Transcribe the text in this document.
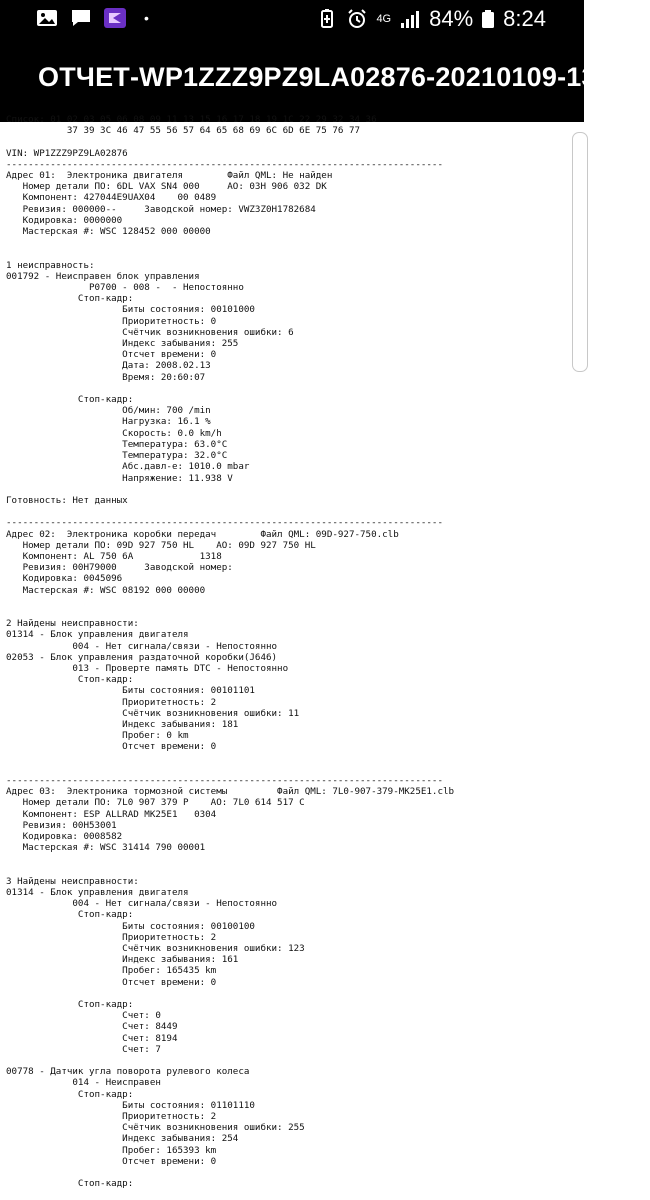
•	4G 84% 8:24
ОТЧЕТ-WP1ZZZ9PZ9LA02876-20210109-1326...
Список: 01 02 03 05 06 08 09 11 13 15 16 17 18 19 1C 22 29 32 34 36
37 39 3C 46 47 55 56 57 64 65 68 69 6C 6D 6E 75 76 77

VIN: WP1ZZZ9PZ9LA02876
-------------------------------------------------------------------------------
Адрес 01:  Электроника двигателя        Файл QML: Не найден
Номер детали ПО: 6DL VAX SN4 000     AO: 03H 906 032 DK
Компонент: 427044E9UAX04    00 0489
Ревизия: 000000--     Заводской номер: VWZ3Z0H1782684
Кодировка: 0000000
Мастерская #: WSC 128452 000 00000

1 неисправность:
001792 - Неисправен блок управления
P0700 - 008 -  - Непостоянно
Стоп-кадр:
Биты состояния: 00101000
Приоритетность: 0
Счётчик возникновения ошибки: 6
Индекс забывания: 255
Отсчет времени: 0
Дата: 2008.02.13
Время: 20:60:07

Стоп-кадр:
Об/мин: 700 /min
Нагрузка: 16.1 %
Скорость: 0.0 km/h
Температура: 63.0°C
Температура: 32.0°C
Абс.давл-е: 1010.0 mbar
Напряжение: 11.938 V

Готовность: Нет данных

-------------------------------------------------------------------------------
Адрес 02:  Электроника коробки передач        Файл QML: 09D-927-750.clb
Номер детали ПО: 09D 927 750 HL    AO: 09D 927 750 HL
Компонент: AL 750 6A            1318
Ревизия: 00H79000     Заводской номер:
Кодировка: 0045096
Мастерская #: WSC 08192 000 00000

2 Найдены неисправности:
01314 - Блок управления двигателя
004 - Нет сигнала/связи - Непостоянно
02053 - Блок управления раздаточной коробки(J646)
013 - Проверте память DTC - Непостоянно
Стоп-кадр:
Биты состояния: 00101101
Приоритетность: 2
Счётчик возникновения ошибки: 11
Индекс забывания: 181
Пробег: 0 km
Отсчет времени: 0

-------------------------------------------------------------------------------
Адрес 03:  Электроника тормозной системы         Файл QML: 7L0-907-379-MK25E1.clb
Номер детали ПО: 7L0 907 379 P    AO: 7L0 614 517 C
Компонент: ESP ALLRAD MK25E1   0304
Ревизия: 00H53001
Кодировка: 0008582
Мастерская #: WSC 31414 790 00001

3 Найдены неисправности:
01314 - Блок управления двигателя
004 - Нет сигнала/связи - Непостоянно
Стоп-кадр:
Биты состояния: 00100100
Приоритетность: 2
Счётчик возникновения ошибки: 123
Индекс забывания: 161
Пробег: 165435 km
Отсчет времени: 0

Стоп-кадр:
Счет: 0
Счет: 8449
Счет: 8194
Счет: 7

00778 - Датчик угла поворота рулевого колеса
014 - Неисправен
Стоп-кадр:
Биты состояния: 01101110
Приоритетность: 2
Счётчик возникновения ошибки: 255
Индекс забывания: 254
Пробег: 165393 km
Отсчет времени: 0

Стоп-кадр:
